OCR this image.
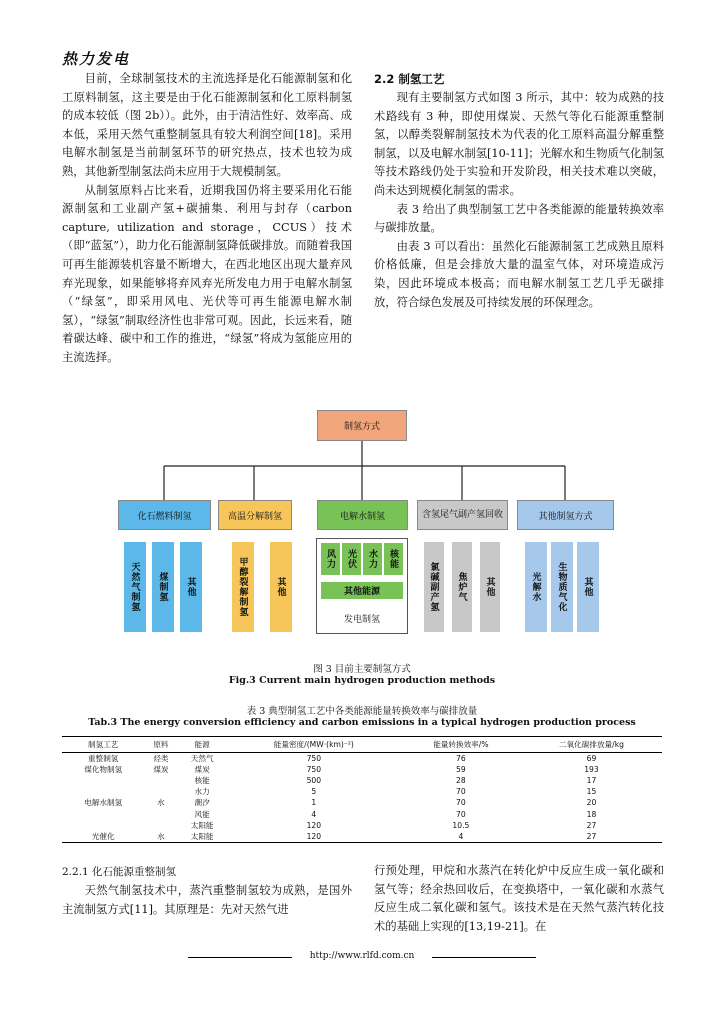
热力发电

目前，全球制氢技术的主流选择是化石能源制氢和化工原料制氢，这主要是由于化石能源制氢和化工原料制氢的成本较低（图 2b））。此外，由于清洁性好、效率高、成本低，采用天然气重整制氢具有较大利润空间[18]。采用电解水制氢是当前制氢环节的研究热点，技术也较为成熟，其他新型制氢法尚未应用于大规模制氢。

从制氢原料占比来看，近期我国仍将主要采用化石能源制氢和工业副产氢+碳捕集、利用与封存（carbon capture, utilization and storage，CCUS）技术（即“蓝氢”），助力化石能源制氢降低碳排放。而随着我国可再生能源装机容量不断增大，在西北地区出现大量弃风弃光现象，如果能够将弃风弃光所发电力用于电解水制氢（“绿氢”，即采用风电、光伏等可再生能源电解水制氢），“绿氢”制取经济性也非常可观。因此，长远来看，随着碳达峰、碳中和工作的推进，“绿氢”将成为氢能应用的主流选择。

2.2 制氢工艺

现有主要制氢方式如图 3 所示，其中：较为成熟的技术路线有 3 种，即使用煤炭、天然气等化石能源重整制氢，以醇类裂解制氢技术为代表的化工原料高温分解重整制氢，以及电解水制氢[10-11]；光解水和生物质气化制氢等技术路线仍处于实验和开发阶段，相关技术难以突破，尚未达到规模化制氢的需求。

表 3 给出了典型制氢工艺中各类能源的能量转换效率与碳排放量。

由表 3 可以看出：虽然化石能源制氢工艺成熟且原料价格低廉，但是会排放大量的温室气体，对环境造成污染，因此环境成本极高；而电解水制氢工艺几乎无碳排放，符合绿色发展及可持续发展的环保理念。

制氢方式
化石燃料制氢	高温分解制氢	电解水制氢	含氢尾气副产氢回收	其他制氢方式
天然气制氢	煤制氢	其他	甲醇裂解制氢	其他
风力	光伏	水力	核能
其他能源
发电制氢
氯碱副产氢	焦炉气	其他	光解水	生物质气化	其他
图 3 目前主要制氢方式
Fig.3 Current main hydrogen production methods
表 3 典型制氢工艺中各类能源能量转换效率与碳排放量
Tab.3 The energy conversion efficiency and carbon emissions in a typical hydrogen production process
制氢工艺	原料	能源	能量密度/(MW·(km)⁻²)	能量转换效率/%	二氧化碳排放量/kg
重整制氢	烃类	天然气	750	76	69
煤化物制氢	煤炭	煤炭	750	59	193
		核能	500	28	17
		水力	5	70	15
电解水制氢	水	潮汐	1	70	20
		风能	4	70	18
		太阳能	120	10.5	27
光催化	水	太阳能	120	4	27
2.2.1 化石能源重整制氢

天然气制氢技术中，蒸汽重整制氢较为成熟，是国外主流制氢方式[11]。其原理是：先对天然气进

行预处理，甲烷和水蒸汽在转化炉中反应生成一氧化碳和氢气等；经余热回收后，在变换塔中，一氧化碳和水蒸气反应生成二氧化碳和氢气。该技术是在天然气蒸汽转化技术的基础上实现的[13,19-21]。在

http://www.rlfd.com.cn
